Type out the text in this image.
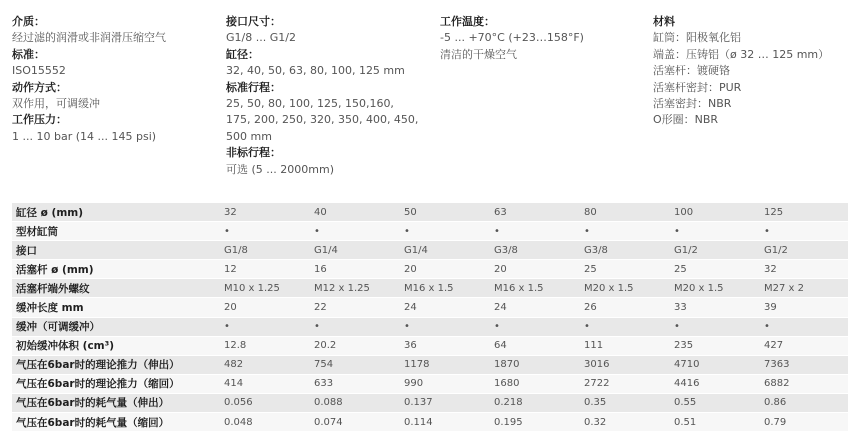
介质：
经过滤的润滑或非润滑压缩空气
标准：
ISO15552
动作方式：
双作用，可调缓冲
工作压力：
1 ... 10 bar (14 ... 145 psi)
接口尺寸：
G1/8 ... G1/2
缸径：
32, 40, 50, 63, 80, 100, 125 mm
标准行程：
25, 50, 80, 100, 125, 150,160,
175, 200, 250, 320, 350, 400, 450,
500 mm
非标行程：
可选 (5 ... 2000mm)
工作温度：
-5 ... +70°C (+23…158°F)
清洁的干燥空气
材料
缸筒：阳极氧化铝
端盖：压铸铝（ø 32 … 125 mm）
活塞杆：镀硬铬
活塞杆密封：PUR
活塞密封：NBR
O形圈：NBR
缸径 ø (mm)	32	40	50	63	80	100	125
型材缸筒	•	•	•	•	•	•	•
接口	G1/8	G1/4	G1/4	G3/8	G3/8	G1/2	G1/2
活塞杆 ø (mm)	12	16	20	20	25	25	32
活塞杆端外螺纹	M10 x 1.25	M12 x 1.25	M16 x 1.5	M16 x 1.5	M20 x 1.5	M20 x 1.5	M27 x 2
缓冲长度 mm	20	22	24	24	26	33	39
缓冲（可调缓冲）	•	•	•	•	•	•	•
初始缓冲体积 (cm³)	12.8	20.2	36	64	111	235	427
气压在6bar时的理论推力（伸出）	482	754	1178	1870	3016	4710	7363
气压在6bar时的理论推力（缩回）	414	633	990	1680	2722	4416	6882
气压在6bar时的耗气量（伸出）	0.056	0.088	0.137	0.218	0.35	0.55	0.86
气压在6bar时的耗气量（缩回）	0.048	0.074	0.114	0.195	0.32	0.51	0.79
